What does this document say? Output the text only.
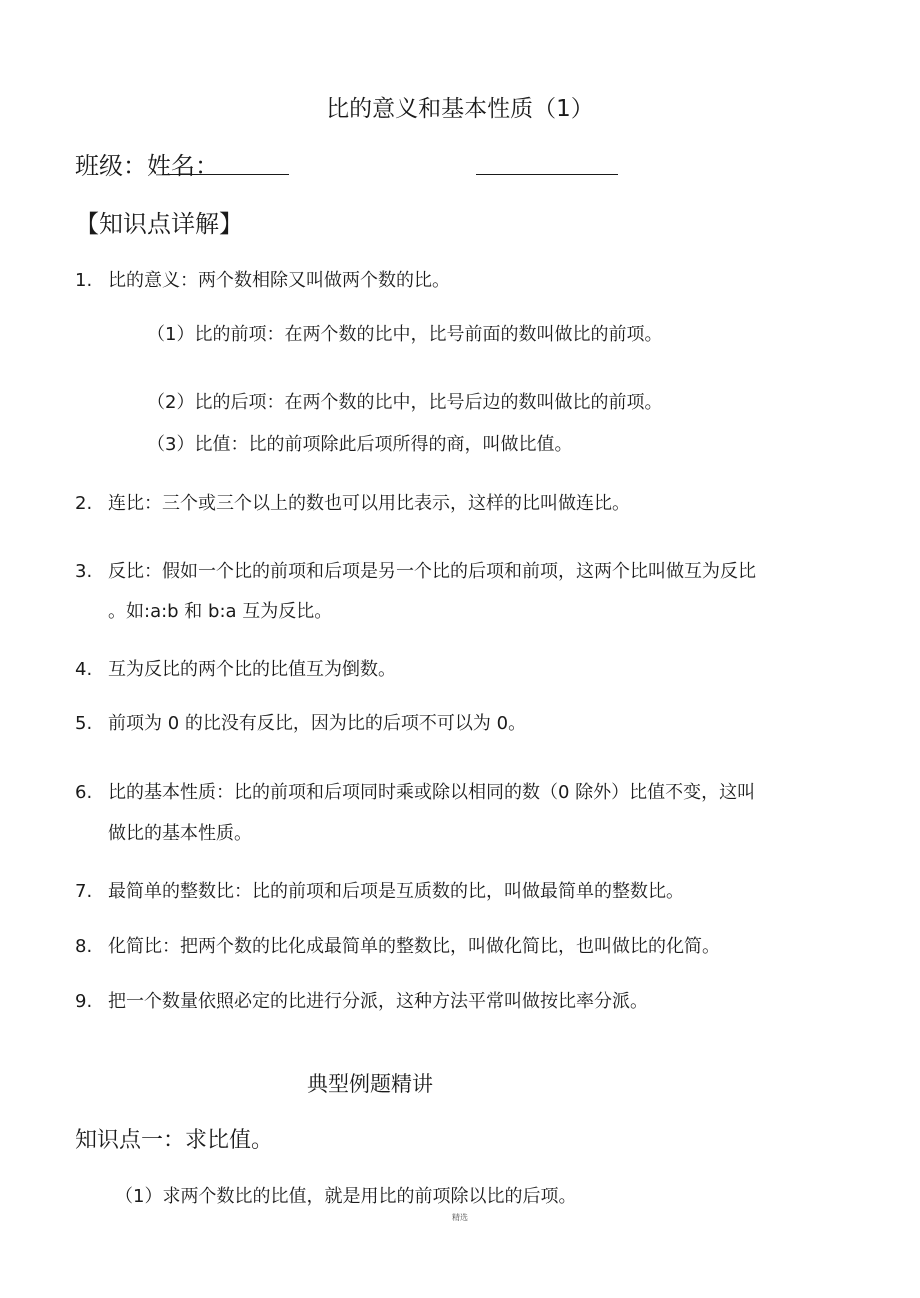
比的意义和基本性质（1）
班级：姓名：
【知识点详解】
1. 比的意义：两个数相除又叫做两个数的比。
（1）比的前项：在两个数的比中，比号前面的数叫做比的前项。
（2）比的后项：在两个数的比中，比号后边的数叫做比的前项。
（3）比值：比的前项除此后项所得的商，叫做比值。
2. 连比：三个或三个以上的数也可以用比表示，这样的比叫做连比。
3. 反比：假如一个比的前项和后项是另一个比的后项和前项，这两个比叫做互为反比
。如:a:b 和 b:a 互为反比。
4. 互为反比的两个比的比值互为倒数。
5. 前项为 0 的比没有反比，因为比的后项不可以为 0。
6. 比的基本性质：比的前项和后项同时乘或除以相同的数（0 除外）比值不变，这叫
做比的基本性质。
7. 最简单的整数比：比的前项和后项是互质数的比，叫做最简单的整数比。
8. 化简比：把两个数的比化成最简单的整数比，叫做化简比，也叫做比的化简。
9. 把一个数量依照必定的比进行分派，这种方法平常叫做按比率分派。
典型例题精讲
知识点一：求比值。
（1）求两个数比的比值，就是用比的前项除以比的后项。
精选
